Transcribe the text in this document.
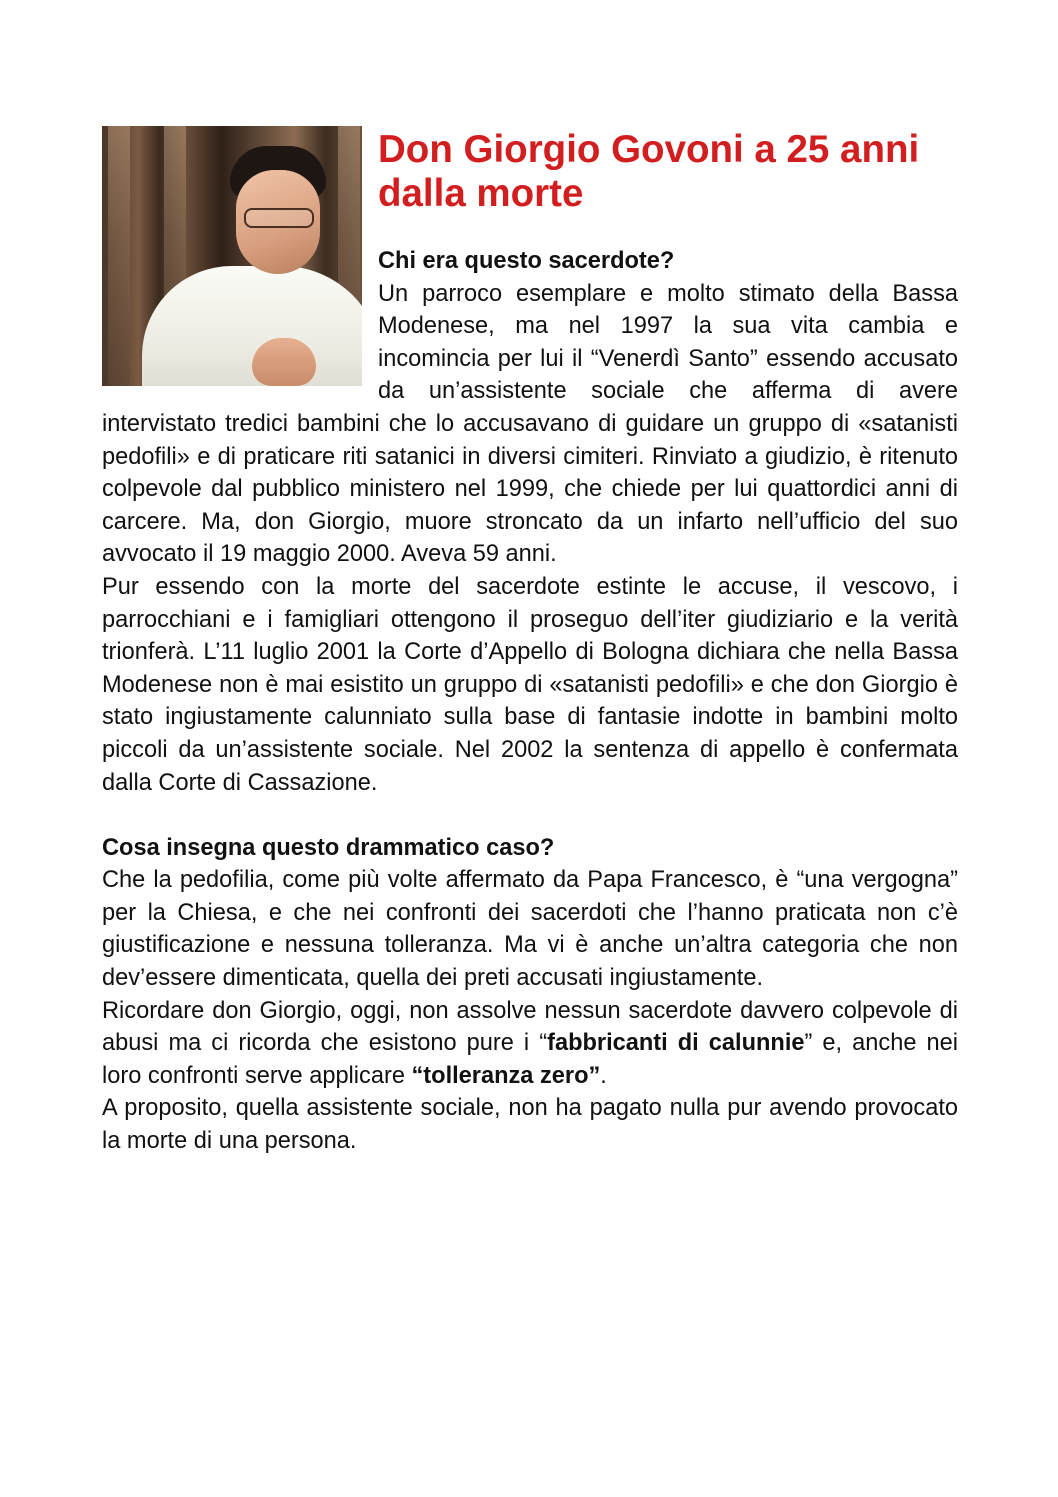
Don Giorgio Govoni a 25 anni dalla morte
Chi era questo sacerdote?

Un parroco esemplare e molto stimato della Bassa Modenese, ma nel 1997 la sua vita cambia e incomincia per lui il “Venerdì Santo” essendo accusato da un’assistente sociale che afferma di avere intervistato tredici bambini che lo accusavano di guidare un gruppo di «satanisti pedofili» e di praticare riti satanici in diversi cimiteri. Rinviato a giudizio, è ritenuto colpevole dal pubblico ministero nel 1999, che chiede per lui quattordici anni di carcere. Ma, don Giorgio, muore stroncato da un infarto nell’ufficio del suo avvocato il 19 maggio 2000. Aveva 59 anni.

Pur essendo con la morte del sacerdote estinte le accuse, il vescovo, i parrocchiani e i famigliari ottengono il proseguo dell’iter giudiziario e la verità trionferà. L’11 luglio 2001 la Corte d’Appello di Bologna dichiara che nella Bassa Modenese non è mai esistito un gruppo di «satanisti pedofili» e che don Giorgio è stato ingiustamente calunniato sulla base di fantasie indotte in bambini molto piccoli da un’assistente sociale. Nel 2002 la sentenza di appello è confermata dalla Corte di Cassazione.

Cosa insegna questo drammatico caso?

Che la pedofilia, come più volte affermato da Papa Francesco, è “una vergogna” per la Chiesa, e che nei confronti dei sacerdoti che l’hanno praticata non c’è giustificazione e nessuna tolleranza. Ma vi è anche un’altra categoria che non dev’essere dimenticata, quella dei preti accusati ingiustamente.

Ricordare don Giorgio, oggi, non assolve nessun sacerdote davvero colpevole di abusi ma ci ricorda che esistono pure i “fabbricanti di calunnie” e, anche nei loro confronti serve applicare “tolleranza zero”.

A proposito, quella assistente sociale, non ha pagato nulla pur avendo provocato la morte di una persona.
